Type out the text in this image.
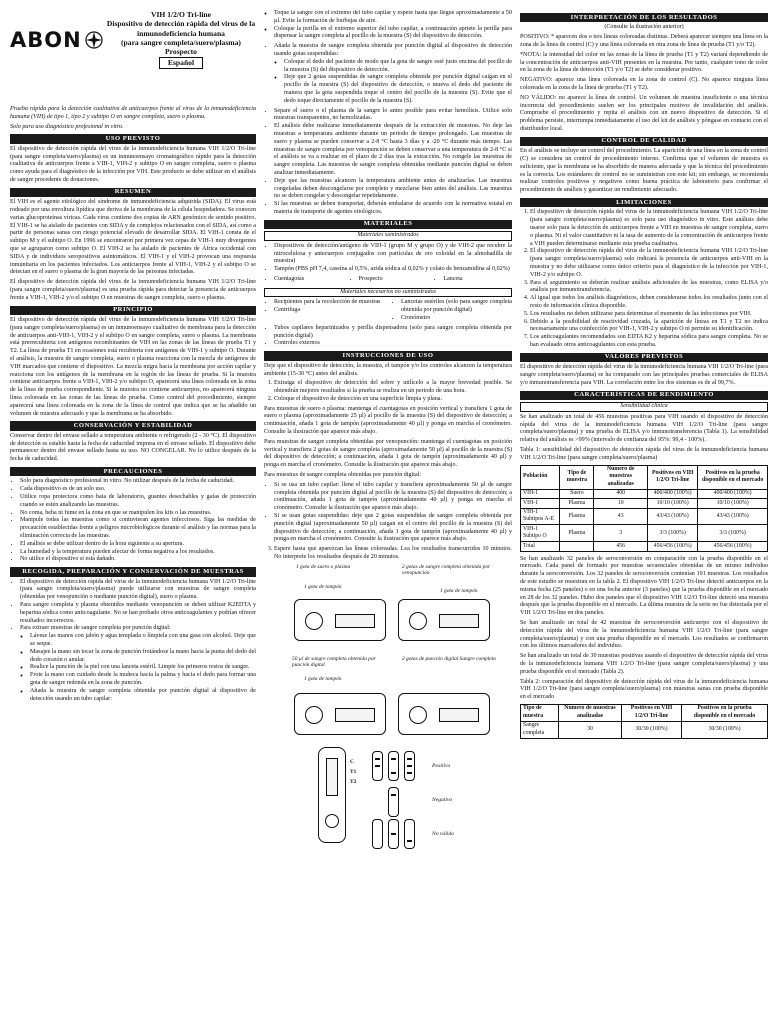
ABON
VIH 1/2/O Tri-line
Dispositivo de detección rápida del virus de la inmunodeficiencia humana
(para sangre completa/suero/plasma)
Prospecto
Español

Prueba rápida para la detección cualitativa de anticuerpos frente al virus de la inmunodeficiencia humana (VIH) de tipo 1, tipo 2 y subtipo O en sangre completa, suero o plasma.

Solo para uso diagnóstico profesional in vitro.

USO PREVISTO

El dispositivo de detección rápida del virus de la inmunodeficiencia humana VIH 1/2/O Tri-line (para sangre completa/suero/plasma) es un inmunoensayo cromatográfico rápido para la detección cualitativa de anticuerpos frente a VIH-1, VIH-2 y subtipo O en sangre completa, suero o plasma como ayuda para el diagnóstico de la infección por VIH. Este producto se debe utilizar en el análisis de sangre procedente de donaciones.

RESUMEN

El VIH es el agente etiológico del síndrome de inmunodeficiencia adquirida (SIDA). El virus está rodeado por una envoltura lipídica que deriva de la membrana de la célula hospedadora. Se conocen varias glucoproteínas víricas. Cada virus contiene dos copias de ARN genómico de sentido positivo. El VIH-1 se ha aislado de pacientes con SIDA y de complejos relacionados con el SIDA, así como a partir de personas sanas con riesgo potencial elevado de desarrollar SIDA. El VIH-1 consta de el subtipo M y el subtipo O. En 1996 se encontraron por primera vez cepas de VIH-1 muy divergentes que se agruparon como subtipo O. El VIH-2 se ha aislado de pacientes de África occidental con SIDA y de individuos seropositivos asintomáticos. El VIH-1 y el VIH-2 provocan una respuesta inmunitaria en los pacientes infectados. Los anticuerpos frente al VIH-1, VIH-2 y el subtipo O se detectan en el suero o plasma de la gran mayoría de las personas infectadas.

El dispositivo de detección rápida del virus de la inmunodeficiencia humana VIH 1/2/O Tri-line (para sangre completa/suero/plasma) es una prueba rápida para detectar la presencia de anticuerpos frente a VIH-1, VIH-2 y/o el subtipo O en muestras de sangre completa, suero o plasma.

PRINCIPIO

El dispositivo de detección rápida del virus de la inmunodeficiencia humana VIH 1/2/O Tri-line (para sangre completa/suero/plasma) es un inmunoensayo cualitativo de membrana para la detección de anticuerpos anti-VIH-1, VIH-2 y el subtipo O en sangre completa, suero o plasma. La membrana está prerrecubierta con antígenos recombinantes de VIH en las zonas de las líneas de prueba T1 y T2. La línea de prueba T1 en ocasiones está recubierta con antígenos de VIH-1 y subtipo O. Durante el análisis, la muestra de sangre completa, suero o plasma reacciona con la mezcla de antígenos de VIH marcados que contiene el dispositivo. La mezcla migra hacia la membrana por acción capilar y reacciona con los antígenos de la membrana en la región de las líneas de prueba. Si la muestra contiene anticuerpos frente a VIH-1, VIH-2 y/o subtipo O, aparecerá una línea coloreada en la zona de la línea de prueba correspondiente. Si la muestra no contiene anticuerpos, no aparecerá ninguna línea coloreada en las zonas de las líneas de prueba. Como control del procedimiento, siempre aparecerá una línea coloreada en la zona de la línea de control que indica que se ha añadido un volumen de muestra adecuado y que la membrana se ha absorbido.

CONSERVACIÓN Y ESTABILIDAD

Conservar dentro del envase sellado a temperatura ambiente o refrigerado (2 - 30 °C). El dispositivo de detección es estable hasta la fecha de caducidad impresa en el envase sellado. El dispositivo debe permanecer dentro del envase sellado hasta su uso. NO CONGELAR. No lo utilice después de la fecha de caducidad.

PRECAUCIONES
• Solo para diagnóstico profesional in vitro. No utilizar después de la fecha de caducidad.
• Cada dispositivo es de un solo uso.
• Utilice ropa protectora como bata de laboratorio, guantes desechables y gafas de protección cuando se estén analizando las muestras.
• No coma, beba ni fume en la zona en que se manipulen los kits o las muestras.
• Manipule todas las muestras como si contuvieran agentes infecciosos. Siga las medidas de precaución establecidas frente a peligros microbiológicos durante el análisis y las normas para la eliminación correcta de las muestras.
• El análisis se debe utilizar dentro de la hora siguiente a su apertura.
• La humedad y la temperatura pueden afectar de forma negativa a los resultados.
• No utilice el dispositivo si está dañado.
RECOGIDA, PREPARACIÓN Y CONSERVACIÓN DE MUESTRAS
• El dispositivo de detección rápida del virus de la inmunodeficiencia humana VIH 1/2/O Tri-line (para sangre completa/suero/plasma) puede utilizarse con muestras de sangre completa (obtenidas por venopunción o mediante punción digital), suero o plasma.
• Para sangre completa y plasma obtenidos mediante venopunción se deben utilizar K2EDTA y heparina sódica como anticoagulante. No se han probado otros anticoagulantes y podrían ofrecer resultados incorrectos.
• Para extraer muestras de sangre completa por punción digital:
◦ Lávese las manos con jabón y agua templada o límpiela con una gasa con alcohol. Deje que se seque.
◦ Masajee la mano sin tocar la zona de punción frotándose la mano hacia la punta del dedo del dedo corazón o anular.
◦ Realice la punción de la piel con una lanceta estéril. Limpie los primeros restos de sangre.
◦ Frote la mano con cuidado desde la muñeca hacia la palma y hacia el dedo para formar una gota de sangre redonda en la zona de punción.
◦ Añada la muestra de sangre completa obtenida por punción digital al dispositivo de detección usando un tubo capilar:
◦ Toque la sangre con el extremo del tubo capilar y espere hasta que llegue aproximadamente a 50 µl. Evite la formación de burbujas de aire.
◦ Coloque la perilla en el extremo superior del tubo capilar, a continuación apriete la perilla para dispensar la sangre completa al pocillo de la muestra (S) del dispositivo de detección.
• Añada la muestra de sangre completa obtenida por punción digital al dispositivo de detección usando gotas suspendidas:
◦ Coloque el dedo del paciente de modo que la gota de sangre esté justo encima del pocillo de la muestra (S) del dispositivo de detección.
◦ Deje que 2 gotas suspendidas de sangre completa obtenida por punción digital caigan en el pocillo de la muestra (S) del dispositivo de detección, o mueva el dedo del paciente de manera que la gota suspendida toque el centro del pocillo de la muestra (S). Evite que el dedo toque directamente el pocillo de la muestra (S).
• Separe el suero o el plasma de la sangre lo antes posible para evitar hemólisis. Utilice solo muestras transparentes, no hemolizadas.
• El análisis debe realizarse inmediatamente después de la extracción de muestras. No deje las muestras a temperatura ambiente durante un periodo de tiempo prolongado. Las muestras de suero y plasma se pueden conservar a 2-8 °C hasta 3 días y a -20 °C durante más tiempo. Las muestras de sangre completa por venopunción se deben conservar a una temperatura de 2-8 °C si el análisis se va a realizar en el plazo de 2 días tras la extracción. No congele las muestras de sangre completa. Las muestras de sangre completa obtenidas mediante punción digital se deben analizar inmediatamente.
• Deje que las muestras alcancen la temperatura ambiente antes de analizarlas. Las muestras congeladas deben descongelarse por completo y mezclarse bien antes del análisis. Las muestras no se deben congelar y descongelar repetidamente.
• Si las muestras se deben transportar, deberán embalarse de acuerdo con la normativa estatal en materia de transporte de agentes etiológicos.
MATERIALES
Materiales suministrados
• Dispositivos de detección/antígeno de VIH-1 (grupo M y grupo O) y de VIH-2 que recubre la nitrocelulosa y antecuerpos conjugados con partículas de oro coloidal en la almohadilla de muestra)
• Tampón (PBS pH 7,4, caseína al 0,5%, azida sódica al 0,02% y colato de benzamidina al 0,02%)
• Cuentagotas	• Prospecto	• Lanceta
Materiales necesarios no suministrados
• Recipientes para la recolección de muestras
• Centrifuga
• Lancetas estériles (solo para sangre completa obtenida por punción digital)
• Cronómetro
• Tubos capilares heparinizados y perilla dispensadora (solo para sangre completa obtenida por punción digital)
• Controles externos
INSTRUCCIONES DE USO

Deje que el dispositivo de detección, la muestra, el tampón y/o los controles alcancen la temperatura ambiente (15-30 °C) antes del análisis.

1. Extraiga el dispositivo de detección del sobre y utilícelo a la mayor brevedad posible. Se obtendrán mejores resultados si la prueba se realiza en un periodo de una hora.
2. Coloque el dispositivo de detección en una superficie limpia y plana.

Para muestras de suero o plasma: mantenga el cuentagotas en posición vertical y transfiera 1 gota de suero o plasma (aproximadamente 25 µl) al pocillo de la muestra (S) del dispositivo de detección; a continuación, añada 1 gota de tampón (aproximadamente 40 µl) y ponga en marcha el cronómetro. Consulte la ilustración que aparece más abajo.

Para muestras de sangre completa obtenidas por venopunción: mantenga el cuentagotas en posición vertical y transfiera 2 gotas de sangre completa (aproximadamente 50 µl) al pocillo de la muestra (S) del dispositivo de detección; a continuación, añada 1 gota de tampón (aproximadamente 40 µl) y ponga en marcha el cronómetro. Consulte la ilustración que aparece más abajo.

Para muestras de sangre completa obtenidas por punción digital:

• Si se usa un tubo capilar: llene el tubo capilar y transfiera aproximadamente 50 µl de sangre completa obtenida por punción digital al pocillo de la muestra (S) del dispositivo de detección; a continuación, añada 1 gota de tampón (aproximadamente 40 µl) y ponga en marcha el cronómetro. Consulte la ilustración que aparece más abajo.
• Si se usan gotas suspendidas: deje que 2 gotas suspendidas de sangre completa obtenida por punción digital (aproximadamente 50 µl) caigan en el centro del pocillo de la muestra (S) del dispositivo de detección; a continuación, añada 1 gota de tampón (aproximadamente 40 µl) y ponga en marcha el cronómetro. Consulte la ilustración que aparece más abajo.
3. Espere hasta que aparezcan las líneas coloreadas. Lea los resultados transcurridos 10 minutos. No interprete los resultados después de 20 minutos.
1 gota de suero o plasma	2 gotas de sangre completa obtenida por venopunción
1 gota de tampón
1 gota de tampón
50 µl de sangre completa obtenida por punción digital
2 gotas de punción digital Sangre completa
1 gota de tampón
C
T1
T2
Positivo
Negativo
No válido
INTERPRETACIÓN DE LOS RESULTADOS

(Consulte la ilustración anterior)

POSITIVO: * aparecen dos o tres líneas coloreadas distintas. Deberá aparecer siempre una línea en la zona de la línea de control (C) y una línea coloreada en otra zona de línea de prueba (T1 y/o T2).

*NOTA: la intensidad del color en las zonas de la línea de prueba (T1 y T2) variará dependiendo de la concentración de anticuerpos anti-VIH presentes en la muestra. Por tanto, cualquier tono de color en la zona de la línea de detección (T1 y/o T2) se debe considerar positivo.

NEGATIVO: aparece una línea coloreada en la zona de control (C). No aparece ninguna línea coloreada en la zona de la línea de prueba (T1 y T2).

NO VÁLIDO: no aparece la línea de control. Un volumen de muestra insuficiente o una técnica incorrecta del procedimiento suelen ser los principales motivos de invalidación del análisis. Compruebe el procedimiento y repita el análisis con un nuevo dispositivo de detección. Si el problema persiste, interrumpa inmediatamente el uso del kit de análisis y póngase en contacto con el distribuidor local.

CONTROL DE CALIDAD

En el análisis se incluye un control del procedimiento. La aparición de una línea en la zona de control (C) se considera un control de procedimiento interno. Confirma que el volumen de muestra es suficiente, que la membrana se ha absorbido de manera adecuada y que la técnica del procedimiento es la correcta. Los estándares de control no se suministran con este kit; sin embargo, se recomienda realizar controles positivos y negativos como buena práctica de laboratorio para confirmar el procedimiento de análisis y garantizar un rendimiento adecuado.

LIMITACIONES
1. El dispositivo de detección rápida del virus de la inmunodeficiencia humana VIH 1/2/O Tri-line (para sangre completa/suero/plasma) es solo para uso diagnóstico in vitro. Este análisis debe usarse solo para la detección de anticuerpos frente a VIH en muestras de sangre completa, suero o plasma. Ni el valor cuantitativo ni la tasa de aumento de la concentración de anticuerpos frente a VIH pueden determinarse mediante esta prueba cualitativa.
2. El dispositivo de detección rápida del virus de la inmunodeficiencia humana VIH 1/2/O Tri-line (para sangre completa/suero/plasma) solo indicará la presencia de anticuerpos anti-VIH en la muestra y no debe utilizarse como único criterio para el diagnóstico de la infección por VIH-1, VIH-2 y/o subtipo O.
3. Para el seguimiento se deberán realizar análisis adicionales de las muestras, como ELISA y/o análisis por inmunotransferencia.
4. Al igual que todos los análisis diagnósticos, deben considerarse todos los resultados junto con el resto de información clínica disponible.
5. Los resultados no deben utilizarse para determinar el momento de las infecciones por VIH.
6. Debido a la posibilidad de reactividad cruzada, la aparición de líneas en T1 y T2 no indica necesariamente una coinfección por VIH-1, VIH-2 y subtipo O ni permite su identificación.
7. Los anticoagulantes recomendados son EDTA K2 y heparina sódica para sangre completa. No se han evaluado otros anticoagulantes con esta prueba.
VALORES PREVISTOS

El dispositivo de detección rápida del virus de la inmunodeficiencia humana VIH 1/2/O Tri-line (para sangre completa/suero/plasma) se ha comparado con las principales pruebas comerciales de ELISA y/o inmunotransferencia para VIH. La correlación entre los dos sistemas es de al 99,7%.

CARACTERÍSTICAS DE RENDIMIENTO
Sensibilidad clínica

Se han analizado un total de 456 muestras positivas para VIH usando el dispositivo de detección rápida del virus de la inmunodeficiencia humana VIH 1/2/O Tri-line (para sangre completa/suero/plasma) y una prueba de ELISA y/o inmunotransferencia (Tabla 1). La sensibilidad relativa del análisis es >99% (intervalo de confianza del 95%: 99,4 - 100%).

Tabla 1: sensibilidad del dispositivo de detección rápida del virus de la inmunodeficiencia humana VIH 1/2/O Tri-line (para sangre completa/suero/plasma)

Población	Tipo de muestra	Número de muestras analizadas	Positivos en VIH 1/2/O Tri-line	Positivos en la prueba disponible en el mercado
VIH-1	Suero	400	400/400 (100%)	400/400 (100%)
VIH-1	Plasma	10	10/10 (100%)	10/10 (100%)
VIH-1 Subtipos A-E	Plasma	43	43/43 (100%)	43/43 (100%)
VIH-1 Subtipo O	Plasma	3	3/3 (100%)	3/3 (100%)
Total		456	456/456 (100%)	456/456 (100%)

Se han analizado 32 paneles de seroconversión en comparación con la prueba disponible en el mercado. Cada panel de formado por muestras secuenciales obtenidas de un mismo individuo durante la seroconversión. Los 32 paneles de seroconversión contenían 191 muestras. Los resultados de este estudio se muestran en la tabla 2. El dispositivo VIH 1/2/O Tri-line detectó anticuerpos en la misma fecha (25 paneles) o en una fecha anterior (3 paneles) que la prueba disponible en el mercado en 28 de los 32 paneles. Hubo dos paneles que el dispositivo VIH 1/2/O Tri-line detectó una muestra después que la prueba disponible en el mercado. La última muestra de la serie no fue detectada por el VIH 1/2/O Tri-line en dos paneles.

Se han analizado un total de 42 muestras de seroconversión anticuerpo con el dispositivo de detección rápida del virus de la inmunodeficiencia humana VIH 1/2/O Tri-line (para sangre completa/suero/plasma) y con una prueba disponible en el mercado. Los resultados se confirmaron con los últimos marcadores del individuo.

Se han analizado un total de 30 muestras positivas usando el dispositivo de detección rápida del virus de la inmunodeficiencia humana VIH 1/2/O Tri-line (para sangre completa/suero/plasma) y una prueba disponible en el mercado (Tabla 2).

Tabla 2: comparación del dispositivo de detección rápida del virus de la inmunodeficiencia humana VIH 1/2/O Tri-line (para sangre completa/suero/plasma) con muestras sanas con prueba disponible en el mercado

Tipo de muestra	Número de muestras analizadas	Positivos en VIH 1/2/O Tri-line	Positivos en la prueba disponible en el mercado
Sangre completa	30	30/30 (100%)	30/30 (100%)
